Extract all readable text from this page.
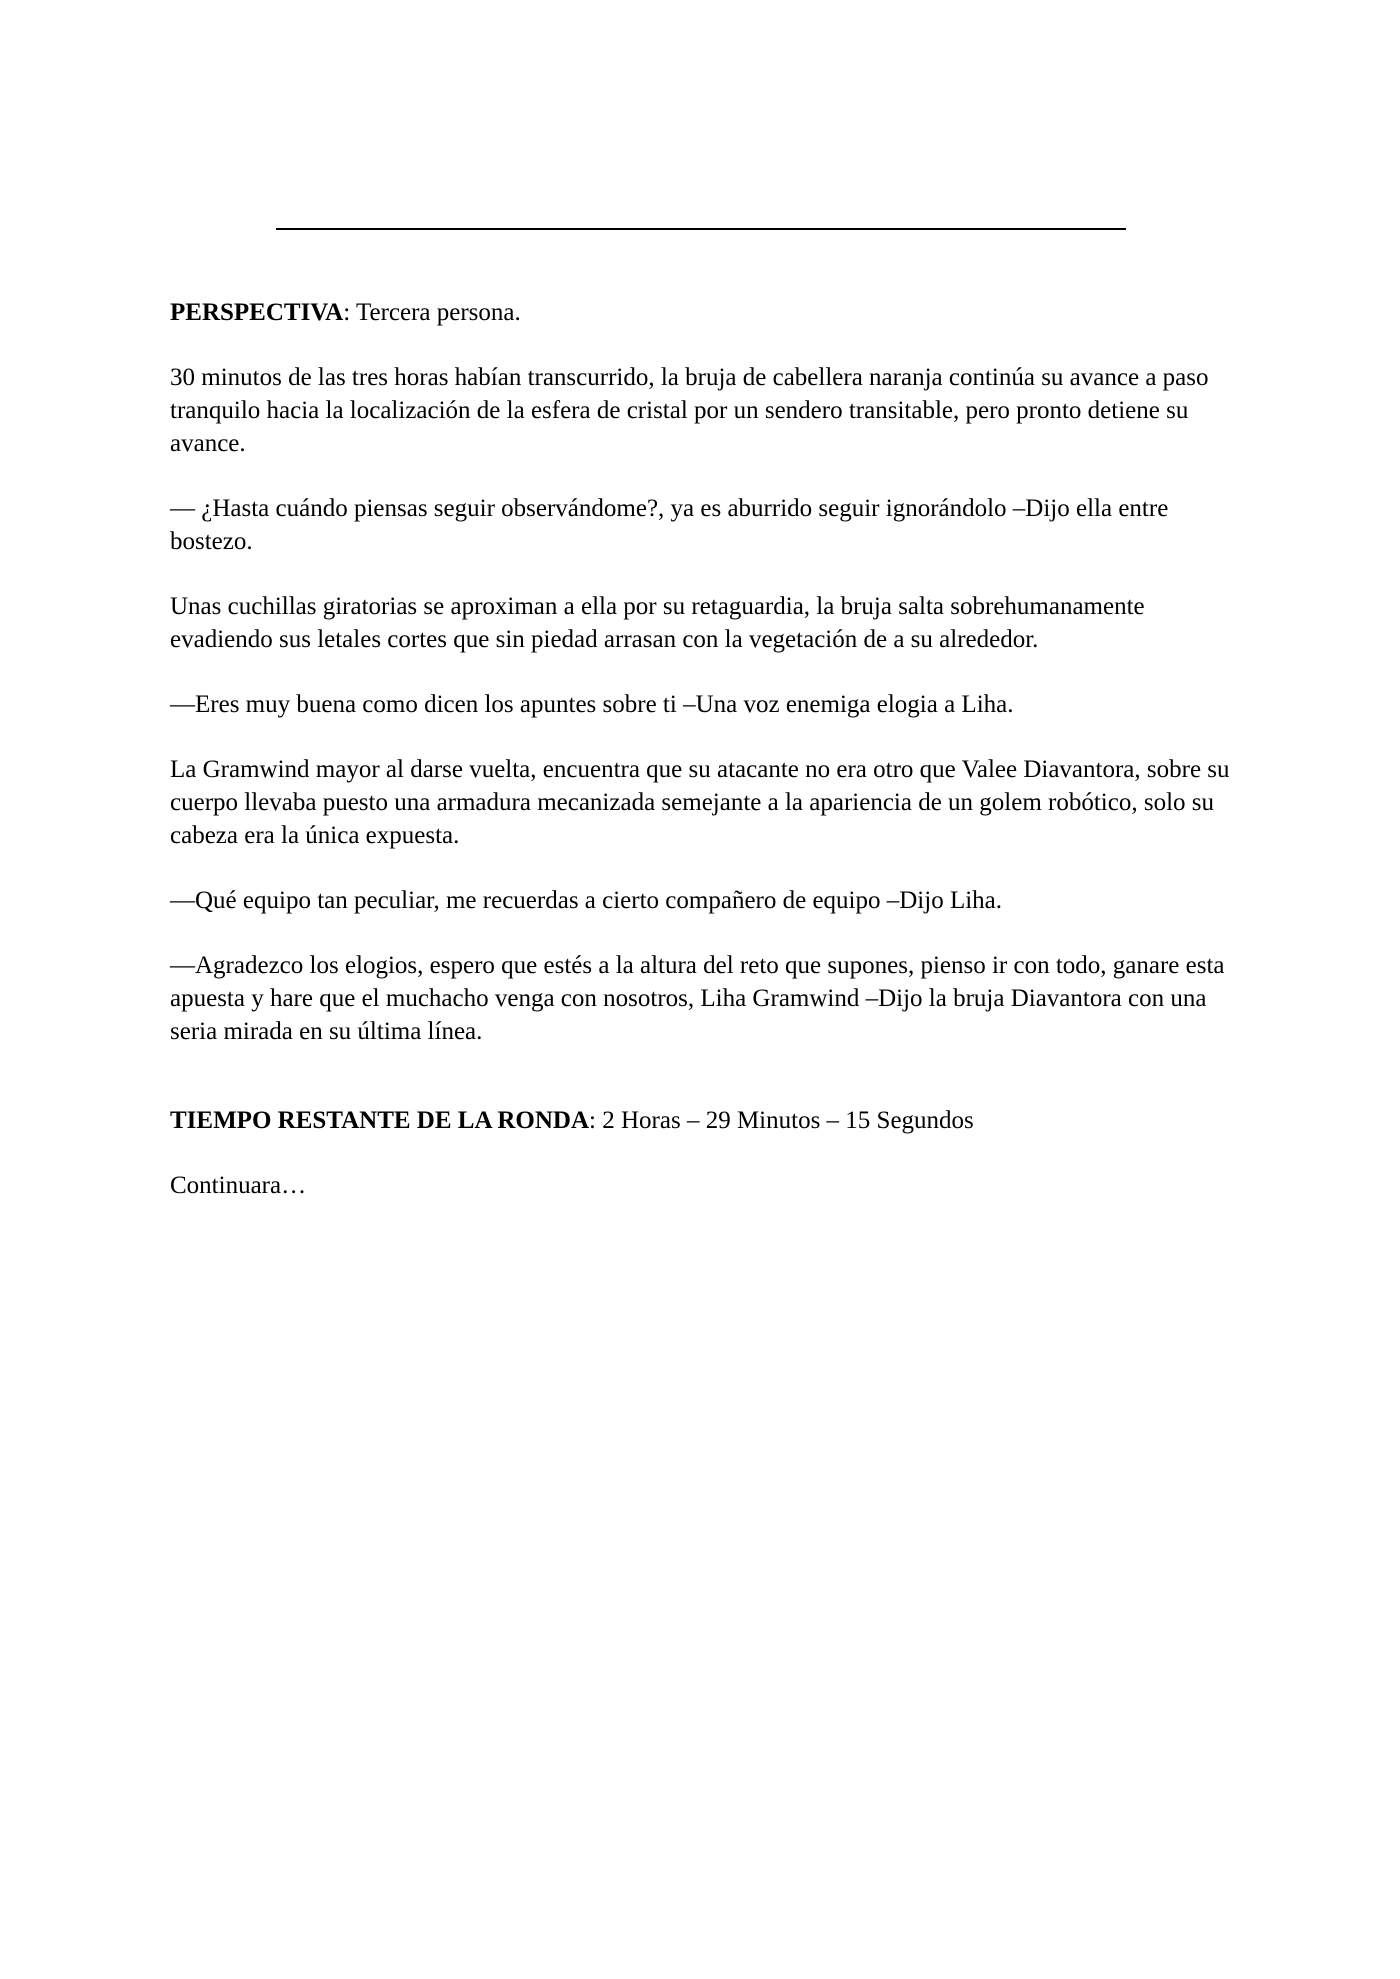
PERSPECTIVA: Tercera persona.

30 minutos de las tres horas habían transcurrido, la bruja de cabellera naranja continúa su avance a paso tranquilo hacia la localización de la esfera de cristal por un sendero transitable, pero pronto detiene su avance.

— ¿Hasta cuándo piensas seguir observándome?, ya es aburrido seguir ignorándolo –Dijo ella entre bostezo.

Unas cuchillas giratorias se aproximan a ella por su retaguardia, la bruja salta sobrehumanamente evadiendo sus letales cortes que sin piedad arrasan con la vegetación de a su alrededor.

—Eres muy buena como dicen los apuntes sobre ti –Una voz enemiga elogia a Liha.

La Gramwind mayor al darse vuelta, encuentra que su atacante no era otro que Valee Diavantora, sobre su cuerpo llevaba puesto una armadura mecanizada semejante a la apariencia de un golem robótico, solo su cabeza era la única expuesta.

—Qué equipo tan peculiar, me recuerdas a cierto compañero de equipo –Dijo Liha.

—Agradezco los elogios, espero que estés a la altura del reto que supones, pienso ir con todo, ganare esta apuesta y hare que el muchacho venga con nosotros, Liha Gramwind –Dijo la bruja Diavantora con una seria mirada en su última línea.

TIEMPO RESTANTE DE LA RONDA: 2 Horas – 29 Minutos – 15 Segundos

Continuara…
